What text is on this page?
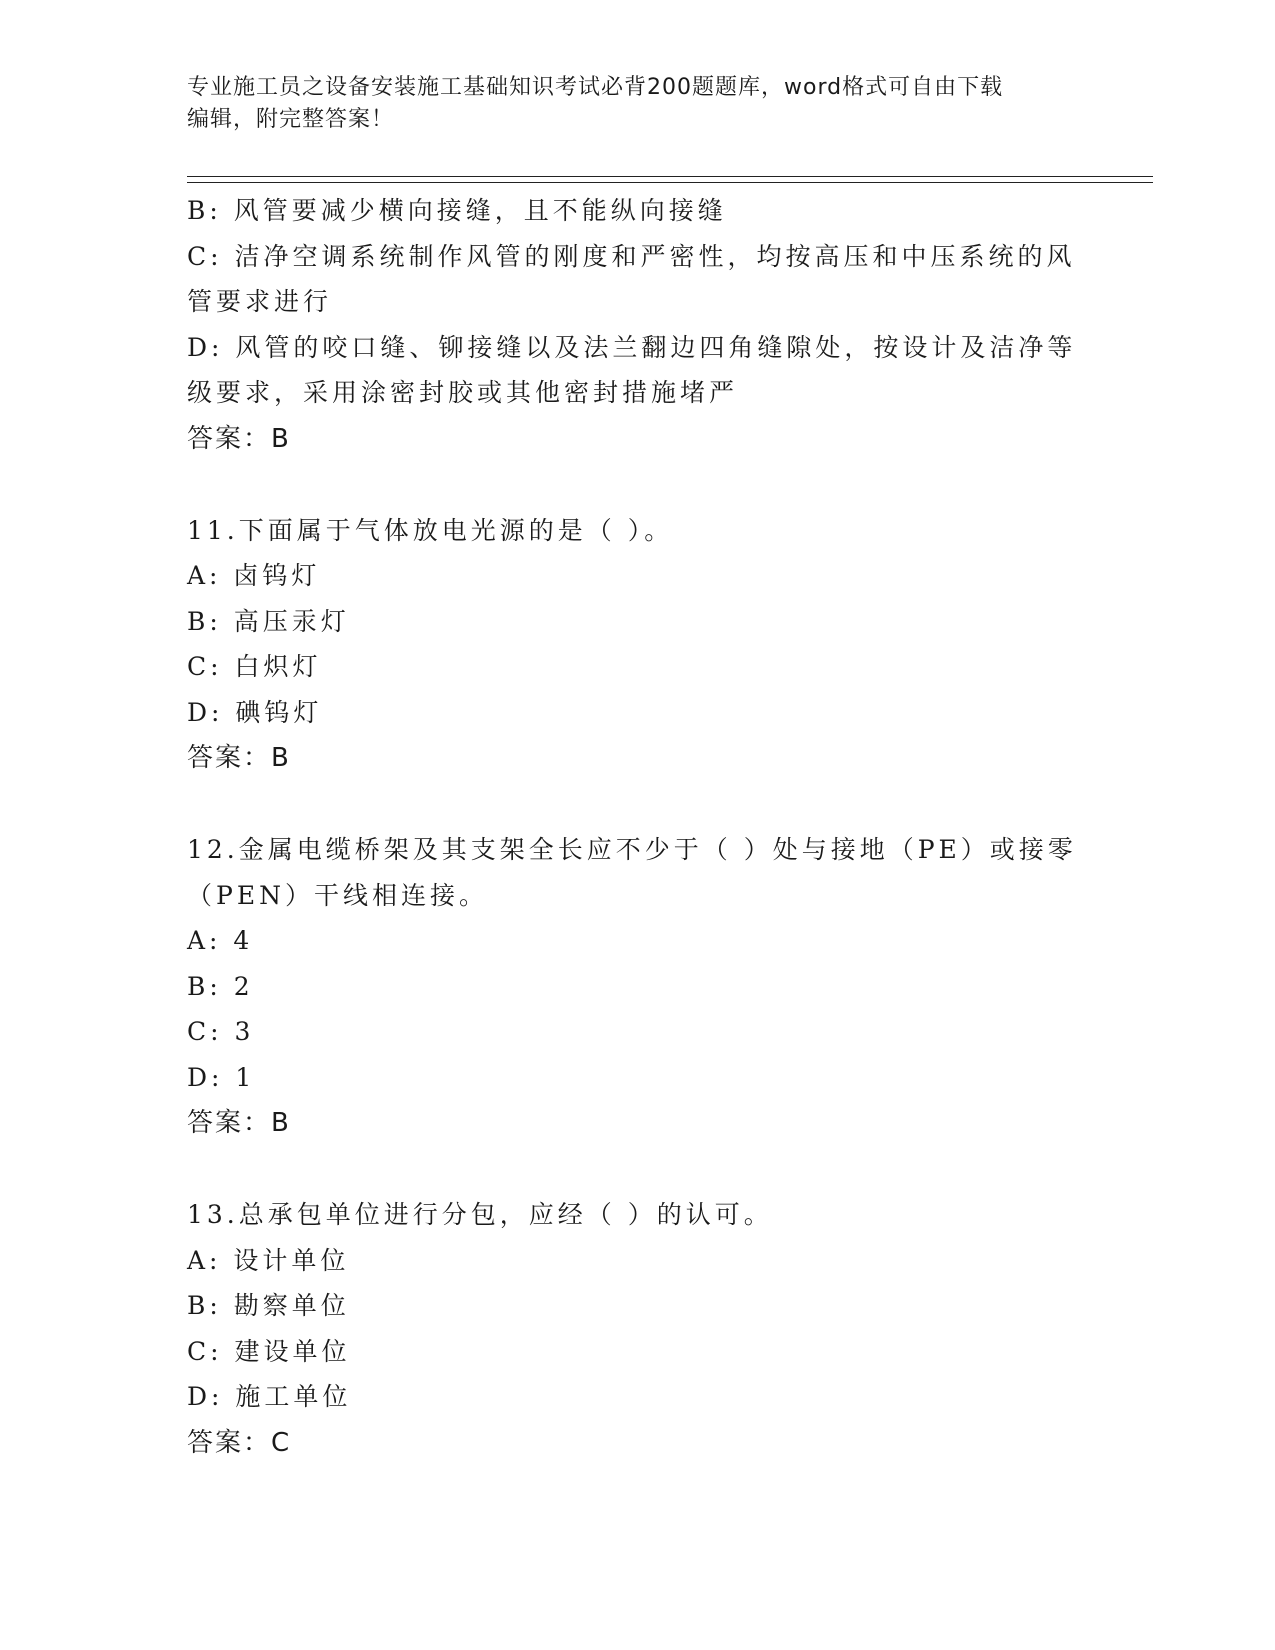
专业施工员之设备安装施工基础知识考试必背200题题库，word格式可自由下载
编辑，附完整答案！
B: 风管要减少横向接缝，且不能纵向接缝
C: 洁净空调系统制作风管的刚度和严密性，均按高压和中压系统的风
管要求进行
D: 风管的咬口缝、铆接缝以及法兰翻边四角缝隙处，按设计及洁净等
级要求，采用涂密封胶或其他密封措施堵严
答案：B
11.下面属于气体放电光源的是（ ）。
A: 卤钨灯
B: 高压汞灯
C: 白炽灯
D: 碘钨灯
答案：B
12.金属电缆桥架及其支架全长应不少于（ ）处与接地（PE）或接零
（PEN）干线相连接。
A: 4
B: 2
C: 3
D: 1
答案：B
13.总承包单位进行分包，应经（ ）的认可。
A: 设计单位
B: 勘察单位
C: 建设单位
D: 施工单位
答案：C
